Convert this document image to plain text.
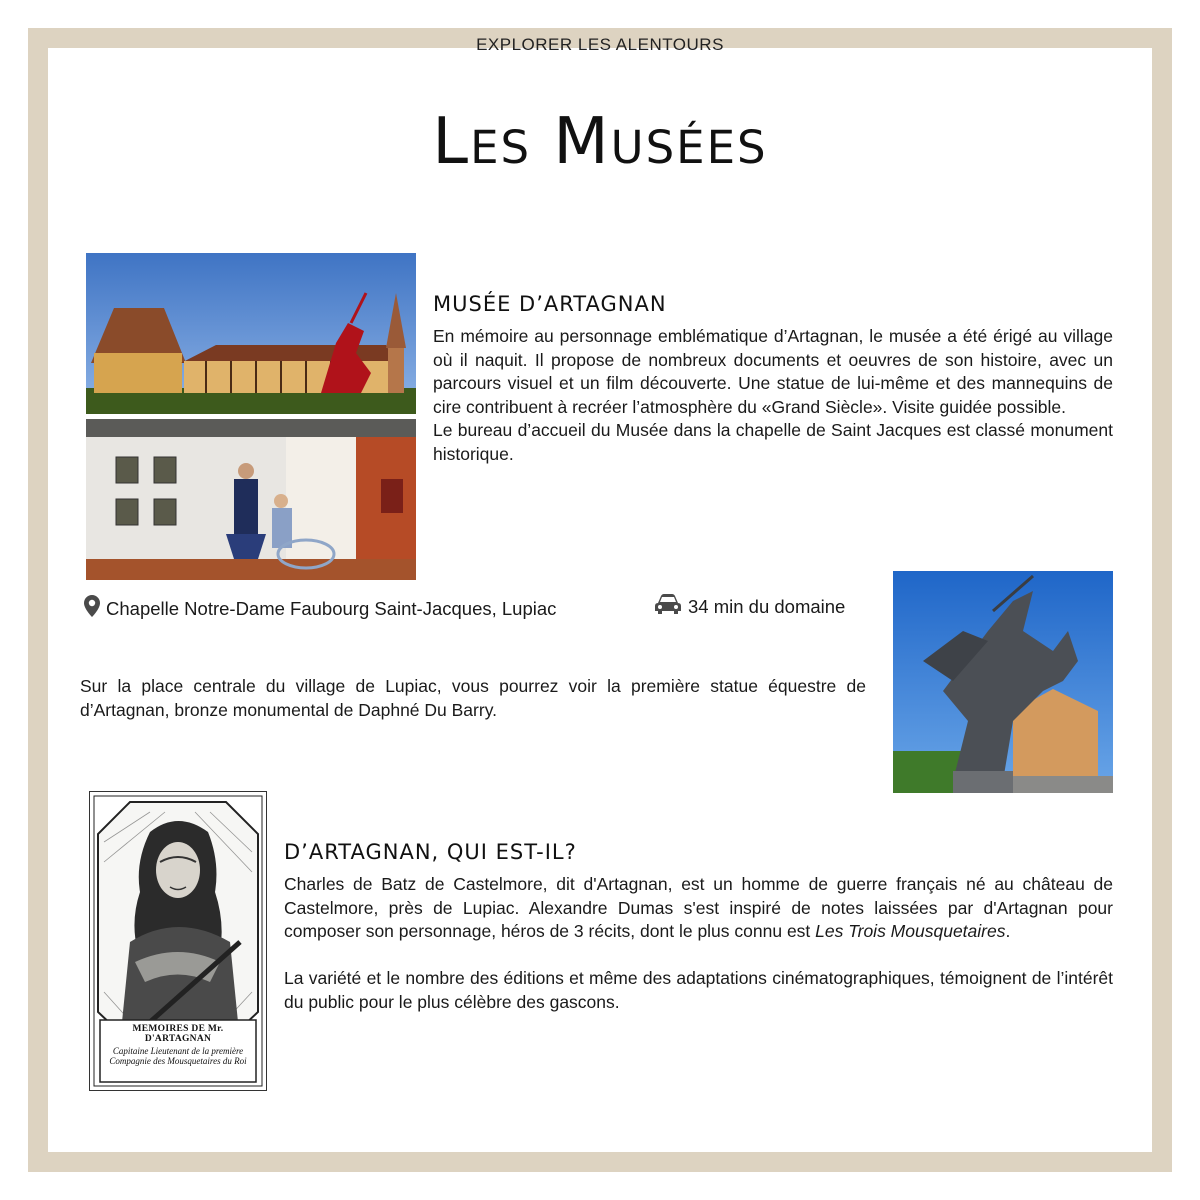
EXPLORER LES ALENTOURS
Les Musées
MUSÉE D’ARTAGNAN

En mémoire au personnage emblématique d’Artagnan, le musée a été érigé au village où il naquit. Il propose de nombreux documents et oeuvres de son histoire, avec un parcours visuel et un film découverte. Une statue de lui-même et des mannequins de cire contribuent à recréer l’atmosphère du «Grand Siècle». Visite guidée possible.

Le bureau d’accueil du Musée dans la chapelle de Saint Jacques est classé monument historique.

Chapelle Notre-Dame Faubourg Saint-Jacques, Lupiac	34 min du domaine
Sur la place centrale du village de Lupiac, vous pourrez voir la première statue équestre de d’Artagnan, bronze monumental de Daphné Du Barry.
MEMOIRES DE Mr. D'ARTAGNAN
Capitaine Lieutenant de la première
Compagnie des Mousquetaires du Roi
D’ARTAGNAN, QUI EST-IL?

Charles de Batz de Castelmore, dit d'Artagnan, est un homme de guerre français né au château de Castelmore, près de Lupiac. Alexandre Dumas s'est inspiré de notes laissées par d'Artagnan pour composer son personnage, héros de 3 récits, dont le plus connu est Les Trois Mousquetaires.

La variété et le nombre des éditions et même des adaptations cinématographiques, témoignent de l’intérêt du public pour le plus célèbre des gascons.
